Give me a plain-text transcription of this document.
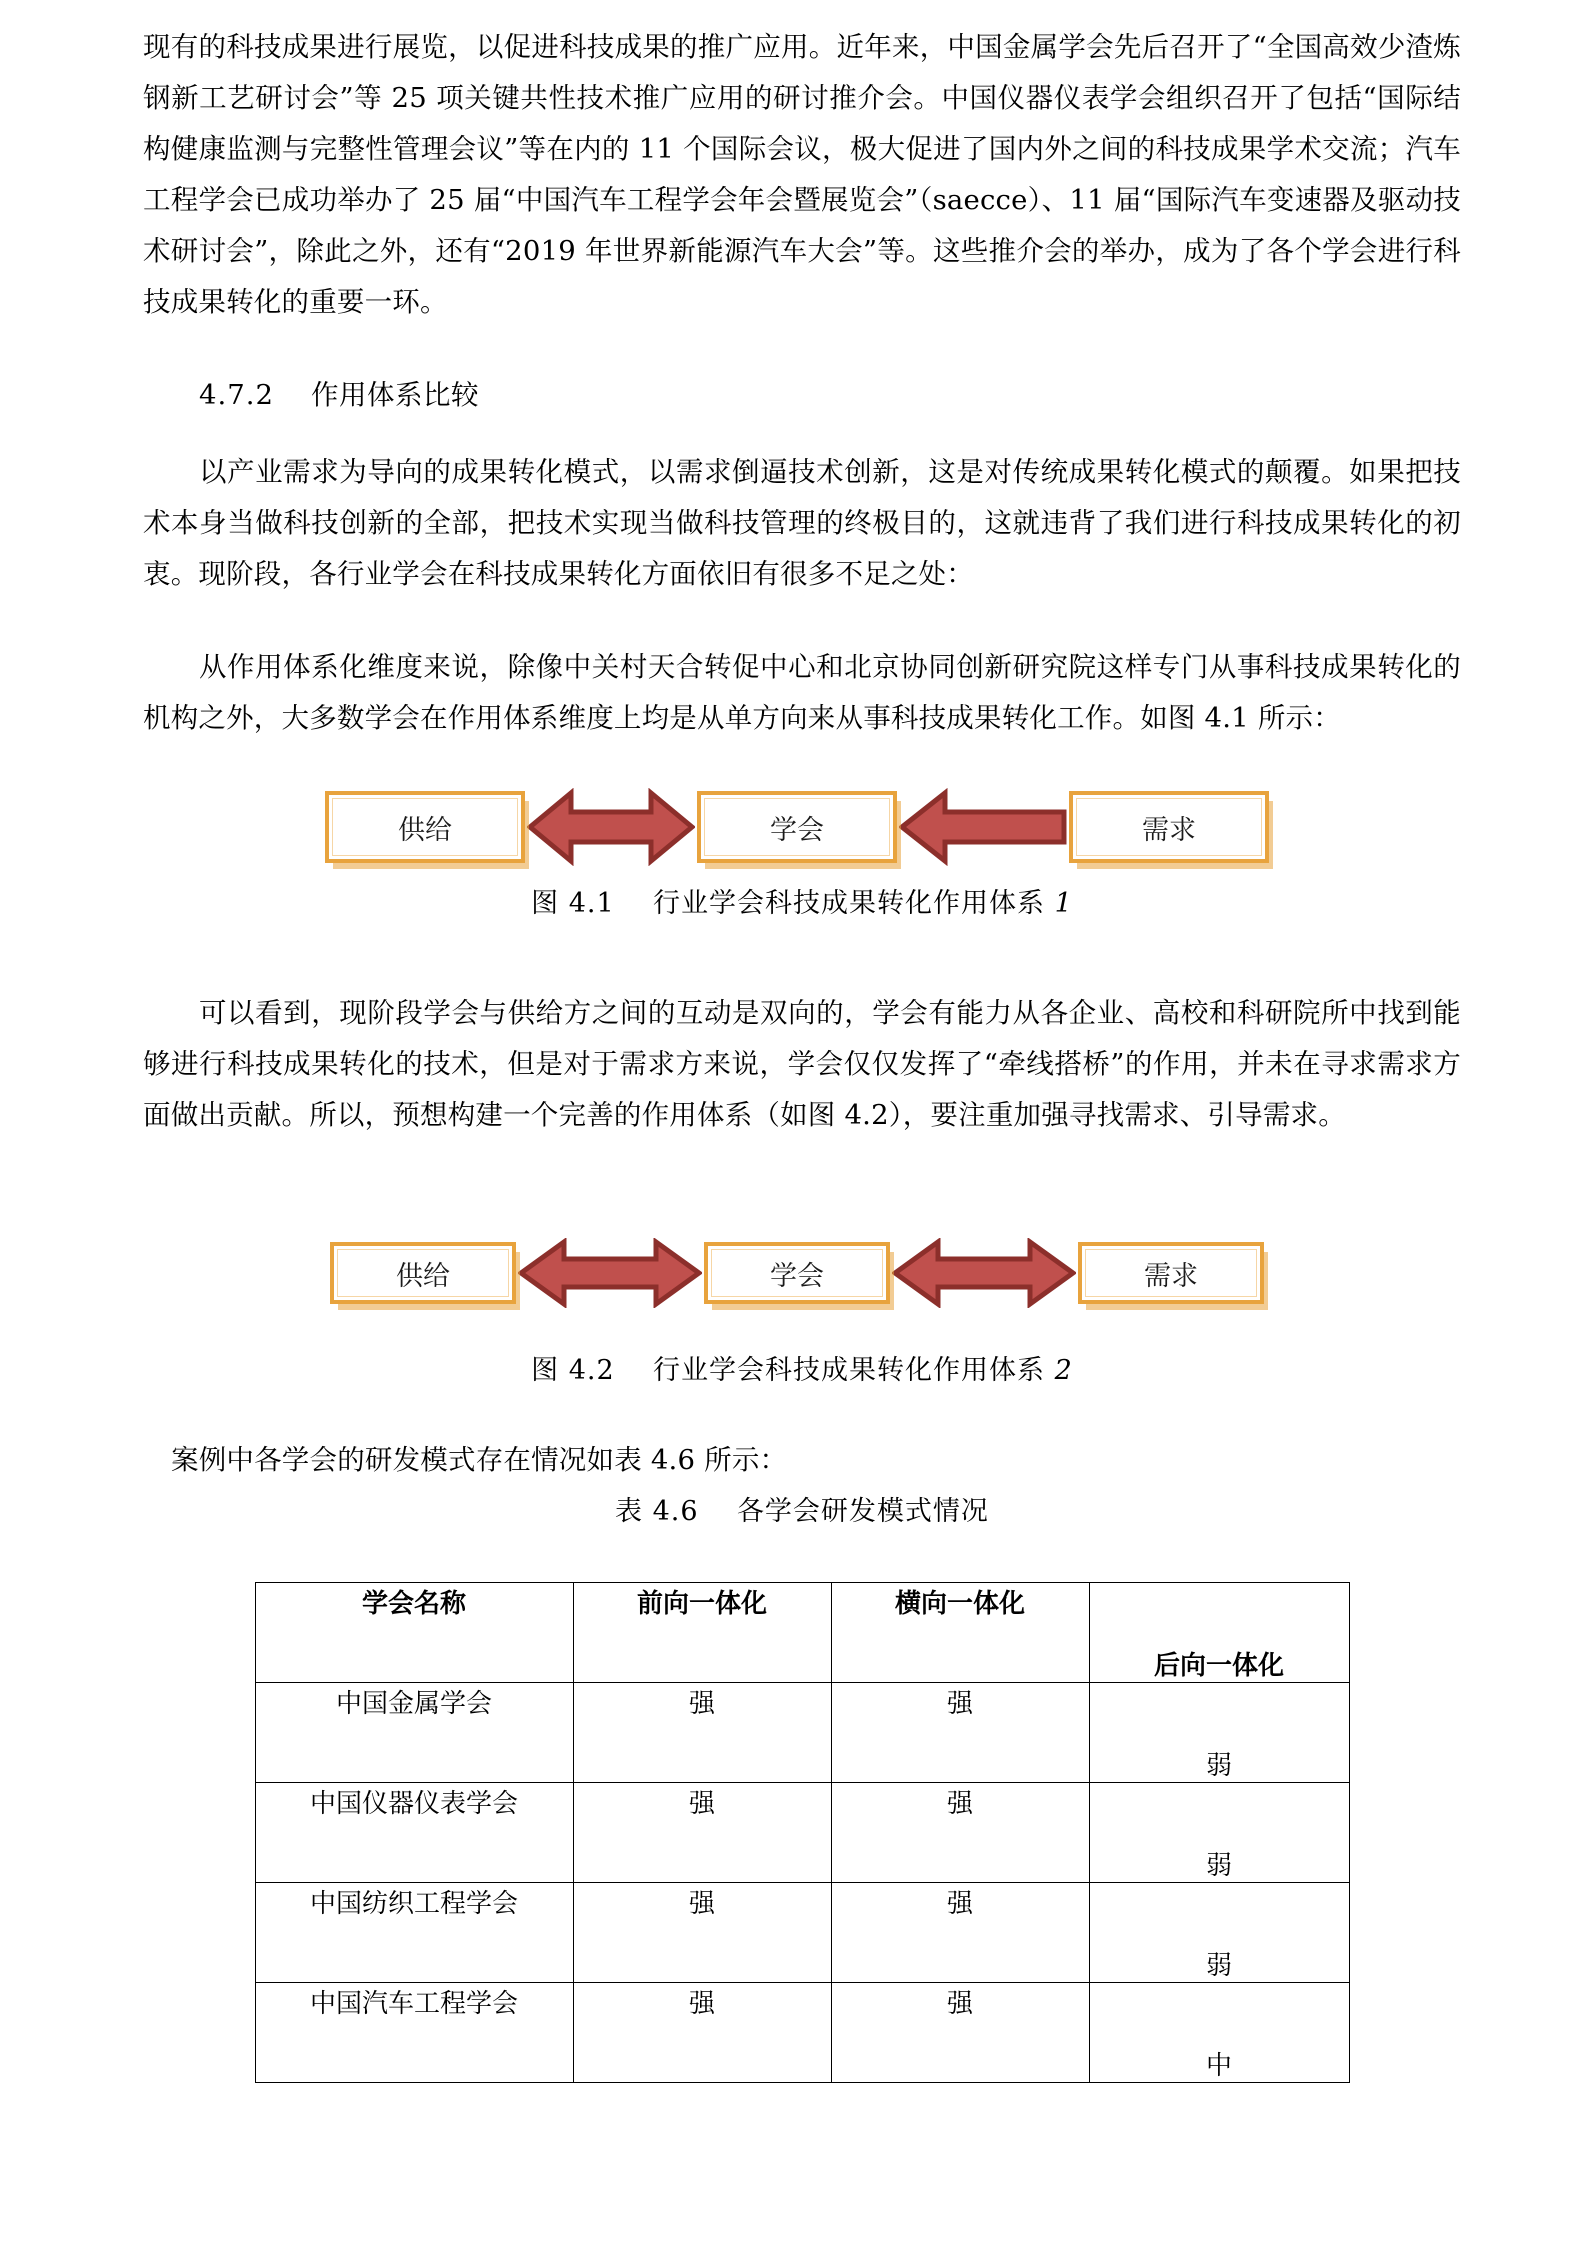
现有的科技成果进行展览，以促进科技成果的推广应用。近年来，中国金属学会先后召开了“全国高效少渣炼钢新工艺研讨会”等 25 项关键共性技术推广应用的研讨推介会。中国仪器仪表学会组织召开了包括“国际结构健康监测与完整性管理会议”等在内的 11 个国际会议，极大促进了国内外之间的科技成果学术交流；汽车工程学会已成功举办了 25 届“中国汽车工程学会年会暨展览会”（saecce）、11 届“国际汽车变速器及驱动技术研讨会”，除此之外，还有“2019 年世界新能源汽车大会”等。这些推介会的举办，成为了各个学会进行科技成果转化的重要一环。

4.7.2 作用体系比较

以产业需求为导向的成果转化模式，以需求倒逼技术创新，这是对传统成果转化模式的颠覆。如果把技术本身当做科技创新的全部，把技术实现当做科技管理的终极目的，这就违背了我们进行科技成果转化的初衷。现阶段，各行业学会在科技成果转化方面依旧有很多不足之处：

从作用体系化维度来说，除像中关村天合转促中心和北京协同创新研究院这样专门从事科技成果转化的机构之外，大多数学会在作用体系维度上均是从单方向来从事科技成果转化工作。如图 4.1 所示：

供给	学会	需求
图 4.1 行业学会科技成果转化作用体系 1

可以看到，现阶段学会与供给方之间的互动是双向的，学会有能力从各企业、高校和科研院所中找到能够进行科技成果转化的技术，但是对于需求方来说，学会仅仅发挥了“牵线搭桥”的作用，并未在寻求需求方面做出贡献。所以，预想构建一个完善的作用体系（如图 4.2），要注重加强寻找需求、引导需求。

供给	学会	需求
图 4.2 行业学会科技成果转化作用体系 2

案例中各学会的研发模式存在情况如表 4.6 所示：

表 4.6 各学会研发模式情况
学会名称	前向一体化	横向一体化	后向一体化
中国金属学会	强	强	弱
中国仪器仪表学会	强	强	弱
中国纺织工程学会	强	强	弱
中国汽车工程学会	强	强	中
